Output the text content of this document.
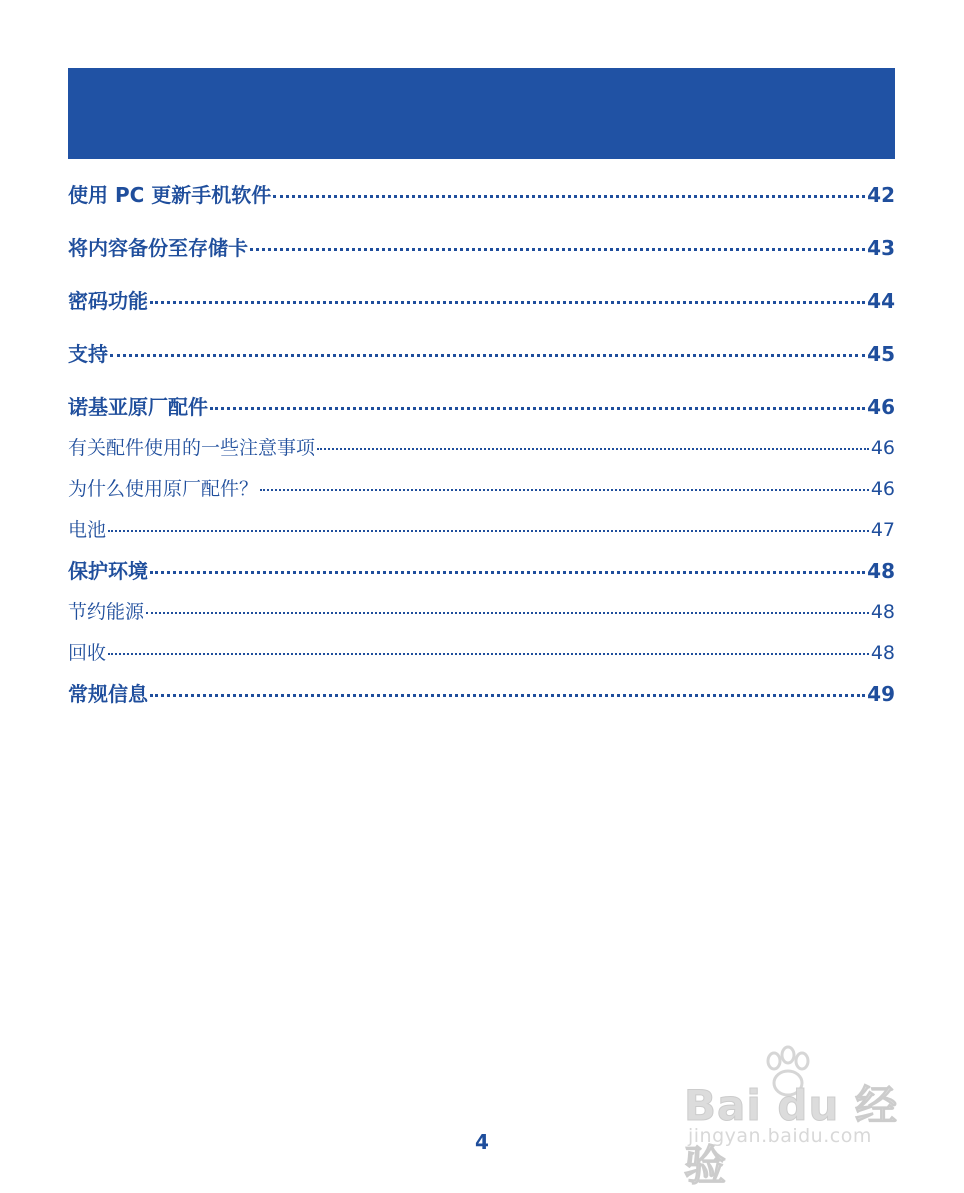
使用 PC 更新手机软件	42
将内容备份至存储卡	43
密码功能	44
支持	45
诺基亚原厂配件	46
有关配件使用的一些注意事项	46
为什么使用原厂配件？	46
电池	47
保护环境	48
节约能源	48
回收	48
常规信息	49
4
Bai du 经验
jingyan.baidu.com
